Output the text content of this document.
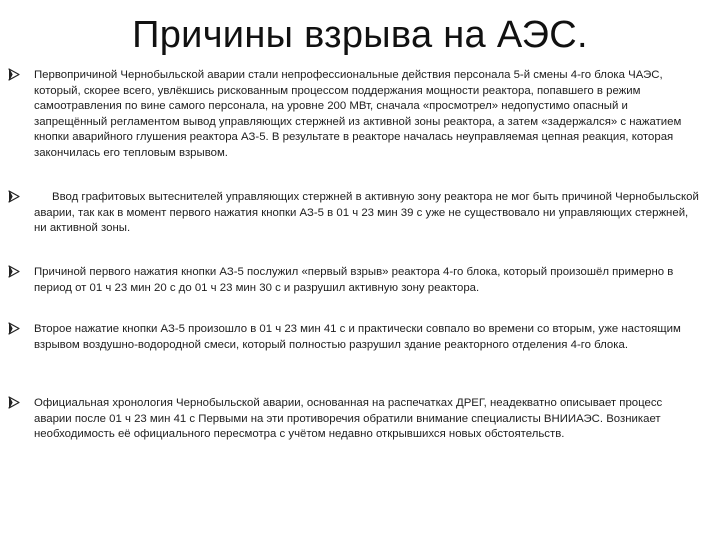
Причины взрыва на АЭС.

Первопричиной Чернобыльской аварии стали непрофессиональные действия персонала 5-й смены 4-го блока ЧАЭС, который, скорее всего, увлёкшись рискованным процессом поддержания мощности реактора, попавшего в режим самоотравления по вине самого персонала, на уровне 200 МВт, сначала «просмотрел» недопустимо опасный и запрещённый регламентом вывод управляющих стержней из активной зоны реактора, а затем «задержался» с нажатием кнопки аварийного глушения реактора АЗ-5. В результате в реакторе началась неуправляемая цепная реакция, которая закончилась его тепловым взрывом.

Ввод графитовых вытеснителей управляющих стержней в активную зону реактора не мог быть причиной Чернобыльской аварии, так как в момент первого нажатия кнопки АЗ-5 в 01 ч 23 мин 39 с уже не существовало ни управляющих стержней, ни активной зоны.

Причиной первого нажатия кнопки АЗ-5 послужил «первый взрыв» реактора 4-го блока, который произошёл примерно в период от 01 ч 23 мин 20 с до 01 ч 23 мин 30 с и разрушил активную зону реактора.

Второе нажатие кнопки АЗ-5 произошло в 01 ч 23 мин 41 с и практически совпало во времени со вторым, уже настоящим взрывом воздушно-водородной смеси, который полностью разрушил здание реакторного отделения 4-го блока.

Официальная хронология Чернобыльской аварии, основанная на распечатках ДРЕГ, неадекватно описывает процесс аварии после 01 ч 23 мин 41 с Первыми на эти противоречия обратили внимание специалисты ВНИИАЭС. Возникает необходимость её официального пересмотра с учётом недавно открывшихся новых обстоятельств.
